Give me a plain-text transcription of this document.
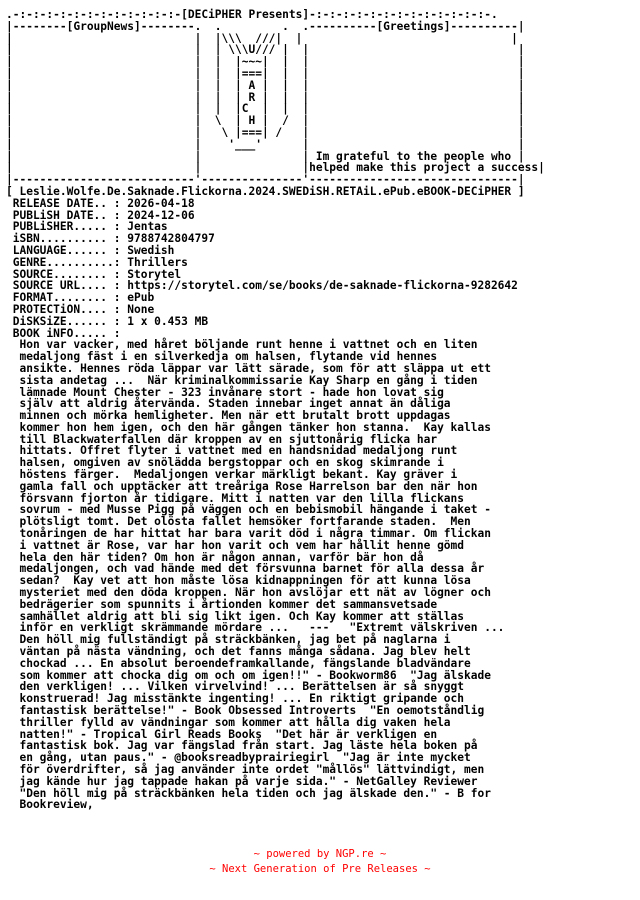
.-:-:-:-:-:-:-:-:-:-:-:-:-[DECiPHER Presents]-:-:-:-:-:-:-:-:-:-:-:-:-:-.
|--------[GroupNews]--------.  .         .  .----------[Greetings]----------|
|                           |  |\\\  ///|  |                               |
|                           |  | \\\U/// |  |                               |
|                           |  |  |~~~|  |  |                               |
|                           |  |  |===|  |  |                               |
|                           |  |  | A |  |  |                               |
|                           |  |  | R |  |  |                               |
|                           |  |  |C  |  |  |                               |
|                           |  \  | H |  /  |                               |
|                           |   \ |===| /   |                               |
|                           |    '___'      |                               |
|                           |               | Im grateful to the people who |
|                           |               |helped make this project a success|
|---------------------------'---------------'-------------------------------|
[ Leslie.Wolfe.De.Saknade.Flickorna.2024.SWEDiSH.RETAiL.ePub.eBOOK-DECiPHER ]
RELEASE DATE.. : 2026-04-18
PUBLiSH DATE.. : 2024-12-06
PUBLiSHER..... : Jentas
iSBN.......... : 9788742804797
LANGUAGE...... : Swedish
GENRE..........: Thrillers
SOURCE........ : Storytel
SOURCE URL.... : https://storytel.com/se/books/de-saknade-flickorna-9282642
FORMAT........ : ePub
PROTECTiON.... : None
DiSKSiZE...... : 1 x 0.453 MB
BOOK iNFO..... :
Hon var vacker, med håret böljande runt henne i vattnet och en liten
medaljong fäst i en silverkedja om halsen, flytande vid hennes
ansikte. Hennes röda läppar var lätt särade, som för att släppa ut ett
sista andetag ...  När kriminalkommissarie Kay Sharp en gång i tiden
lämnade Mount Chester - 323 invånare stort - hade hon lovat sig
själv att aldrig återvända. Staden innebar inget annat än dåliga
minnen och mörka hemligheter. Men när ett brutalt brott uppdagas
kommer hon hem igen, och den här gången tänker hon stanna.  Kay kallas
till Blackwaterfallen där kroppen av en sjuttonårig flicka har
hittats. Offret flyter i vattnet med en handsnidad medaljong runt
halsen, omgiven av snölädda bergstoppar och en skog skimrande i
höstens färger.  Medaljongen verkar märkligt bekant. Kay gräver i
gamla fall och upptäcker att treåriga Rose Harrelson bar den när hon
försvann fjorton år tidigare. Mitt i natten var den lilla flickans
sovrum - med Musse Pigg på väggen och en bebismobil hängande i taket -
plötsligt tomt. Det olösta fallet hemsöker fortfarande staden.  Men
tonåringen de har hittat har bara varit död i några timmar. Om flickan
i vattnet är Rose, var har hon varit och vem har hållit henne gömd
hela den här tiden? Om hon är någon annan, varför bär hon då
medaljongen, och vad hände med det försvunna barnet för alla dessa år
sedan?  Kay vet att hon måste lösa kidnappningen för att kunna lösa
mysteriet med den döda kroppen. När hon avslöjar ett nät av lögner och
bedrägerier som spunnits i årtionden kommer det sammansvetsade
samhället aldrig att bli sig likt igen. Och Kay kommer att ställas
inför en verkligt skrämmande mördare ...   ---   "Extremt välskriven ...
Den höll mig fullständigt på sträckbänken, jag bet på naglarna i
väntan på nästa vändning, och det fanns många sådana. Jag blev helt
chockad ... En absolut beroendeframkallande, fängslande bladvändare
som kommer att chocka dig om och om igen!!" - Bookworm86  "Jag älskade
den verkligen! ... Vilken virvelvind! ... Berättelsen är så snyggt
konstruerad! Jag misstänkte ingenting! ... En riktigt gripande och
fantastisk berättelse!" - Book Obsessed Introverts  "En oemotståndlig
thriller fylld av vändningar som kommer att hålla dig vaken hela
natten!" - Tropical Girl Reads Books  "Det här är verkligen en
fantastisk bok. Jag var fängslad från start. Jag läste hela boken på
en gång, utan paus." - @booksreadbyprairiegirl  "Jag är inte mycket
för överdrifter, så jag använder inte ordet "mållös" lättvindigt, men
jag kände hur jag tappade hakan på varje sida." - NetGalley Reviewer
"Den höll mig på sträckbänken hela tiden och jag älskade den." - B for
Bookreview,
~ powered by NGP.re ~
~ Next Generation of Pre Releases ~
